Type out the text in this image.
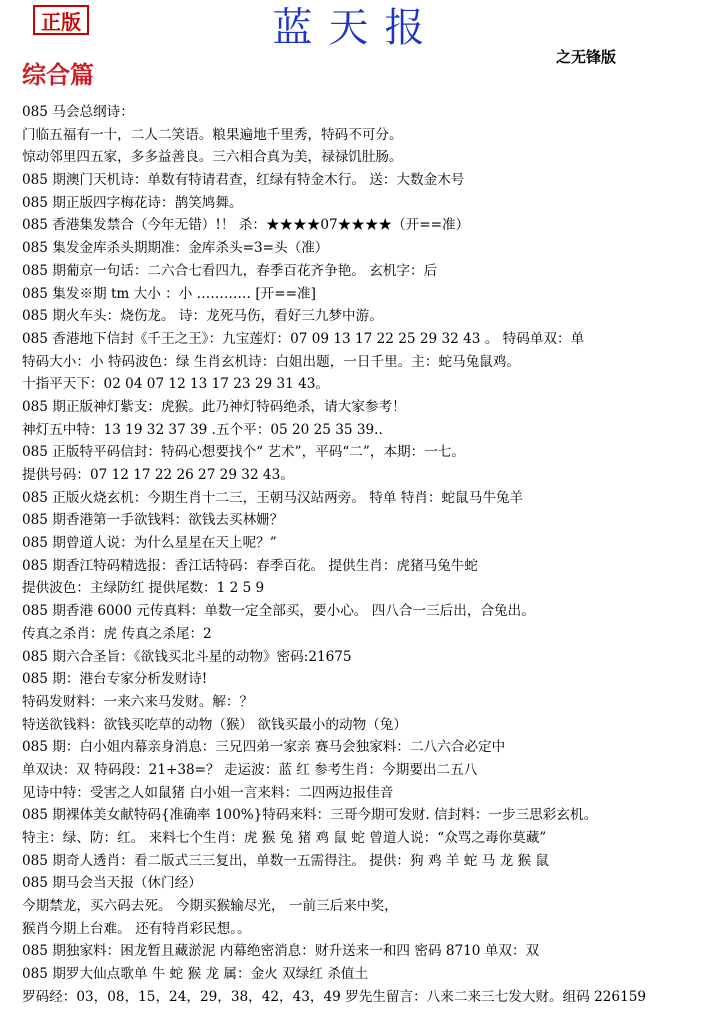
正版	蓝天报
之无锋版
综合篇
085 马会总纲诗：
门临五福有一十，二人二笑语。粮果遍地千里秀，特码不可分。
惊动邻里四五家，多多益善良。三六相合真为美，禄禄饥肚肠。
085 期澳门天机诗：单数有特请君查，红绿有特金木行。 送：大数金木号
085 期正版四字梅花诗：鹊笑鸠舞。
085 香港集发禁合（今年无错）!！ 杀：★★★★07★★★★（开==准）
085 集发金库杀头期期准：金库杀头=3=头（准）
085 期葡京一句话：二六合七看四九，春季百花齐争艳。 玄机字：后
085 集发※期 tm 大小 ：小 ………… [开==准]
085 期火车头：烧伤龙。 诗：龙死马伤，看好三九梦中游。
085 香港地下信封《千王之王》：九宝莲灯：07 09 13 17 22 25 29 32 43 。 特码单双：单
特码大小：小 特码波色：绿 生肖玄机诗：白姐出题，一日千里。主：蛇马兔鼠鸡。
十指平天下：02 04 07 12 13 17 23 29 31 43。
085 期正版神灯紫支：虎猴。此乃神灯特码绝杀，请大家参考！
神灯五中特：13 19 32 37 39 .五个平：05 20 25 35 39..
085 正版特平码信封：特码心想要找个“ 艺术”，平码“二”，本期：一七。
提供号码：07 12 17 22 26 27 29 32 43。
085 正版火烧玄机：今期生肖十二三，王朝马汉站两旁。 特单 特肖：蛇鼠马牛兔羊
085 期香港第一手欲钱料：欲钱去买林姗？
085 期曾道人说：为什么星星在天上呢？”
085 期香江特码精选报：香江话特码：春季百花。 提供生肖：虎猪马兔牛蛇
提供波色：主绿防红 提供尾数：1 2 5 9
085 期香港 6000 元传真料：单数一定全部买，要小心。 四八合一三后出，合兔出。
传真之杀肖：虎 传真之杀尾：2
085 期六合圣旨：《欲钱买北斗星的动物》密码:21675
085 期：港台专家分析发财诗!
特码发财料：一来六来马发财。解：？
特送欲钱料：欲钱买吃草的动物（猴） 欲钱买最小的动物（兔）
085 期：白小姐内幕亲身消息：三兄四弟一家亲 赛马会独家料：二八六合必定中
单双诀：双 特码段：21+38=？ 走运波：蓝 红 参考生肖：今期要出二五八
见诗中特：受害之人如鼠猪 白小姐一言来料：二四两边报佳音
085 期裸体美女献特码{准确率 100%}特码来料：三哥今期可发财. 信封料：一步三思彩玄机。
特主：绿、防：红。 来料七个生肖：虎 猴 兔 猪 鸡 鼠 蛇 曾道人说：“众骂之毒你莫藏”
085 期奇人透肖：看二版式三三复出，单数一五需得注。 提供：狗 鸡 羊 蛇 马 龙 猴 鼠
085 期马会当天报（休门经）
今期禁龙，买六码去死。 今期买猴输尽光， 一前三后来中奖，
猴肖今期上台难。 还有特肖彩民想。。
085 期独家料：困龙暂且藏淤泥 内幕绝密消息：财升送来一和四 密码 8710 单双：双
085 期罗大仙点歌单 牛 蛇 猴 龙 属：金火 双绿红 杀值土
罗码经：03，08，15，24，29，38，42，43，49 罗先生留言：八来二来三七发大财。组码 226159
